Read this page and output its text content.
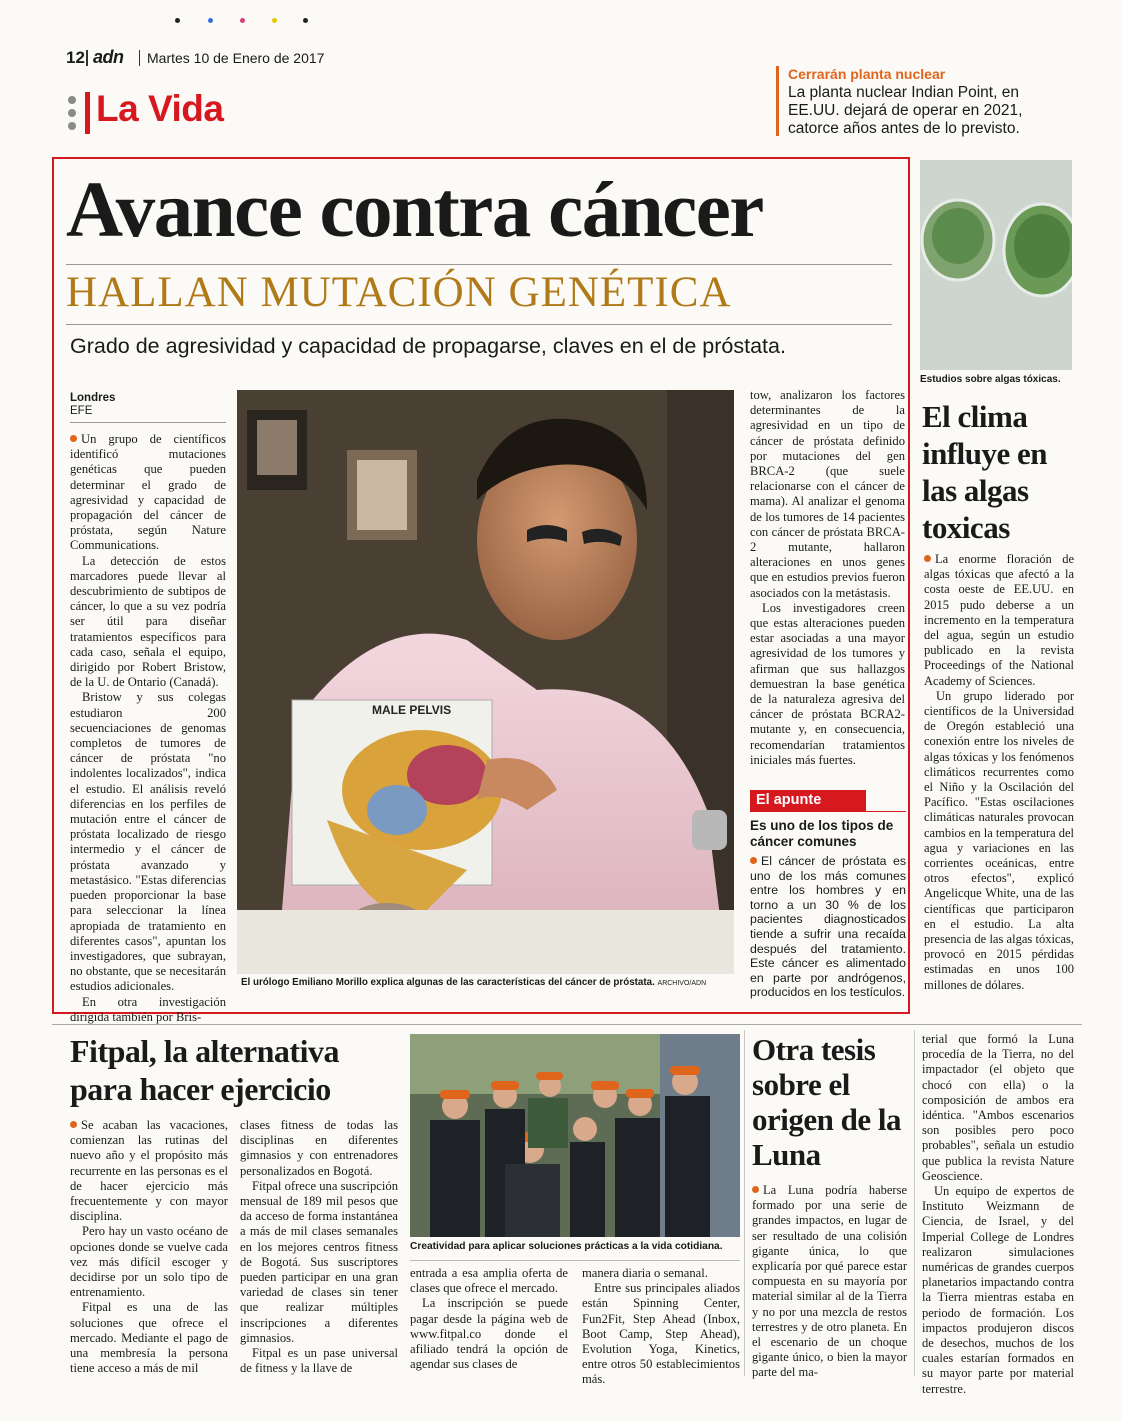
12 adn Martes 10 de Enero de 2017
La Vida
Cerrarán planta nuclear
La planta nuclear Indian Point, en EE.UU. dejará de operar en 2021, catorce años antes de lo previsto.
Avance contra cáncer
HALLAN MUTACIÓN GENÉTICA
Grado de agresividad y capacidad de propagarse, claves en el de próstata.
Londres
EFE

Un grupo de científicos identificó mutaciones genéticas que pueden determinar el grado de agresividad y capacidad de propagación del cáncer de próstata, según Nature Communications.

La detección de estos marcadores puede llevar al descubrimiento de subtipos de cáncer, lo que a su vez podría ser útil para diseñar tratamientos específicos para cada caso, señala el equipo, dirigido por Robert Bristow, de la U. de Ontario (Canadá).

Bristow y sus colegas estudiaron 200 secuenciaciones de genomas completos de tumores de cáncer de próstata "no indolentes localizados", indica el estudio. El análisis reveló diferencias en los perfiles de mutación entre el cáncer de próstata localizado de riesgo intermedio y el cáncer de próstata avanzado y metastásico. "Estas diferencias pueden proporcionar la base para seleccionar la línea apropiada de tratamiento en diferentes casos", apuntan los investigadores, que subrayan, no obstante, que se necesitarán estudios adicionales.

En otra investigación dirigida también por Bris-

MALE PELVIS
El urólogo Emiliano Morillo explica algunas de las características del cáncer de próstata. ARCHIVO/ADN

tow, analizaron los factores determinantes de la agresividad en un tipo de cáncer de próstata definido por mutaciones del gen BRCA-2 (que suele relacionarse con el cáncer de mama). Al analizar el genoma de los tumores de 14 pacientes con cáncer de próstata BRCA-2 mutante, hallaron alteraciones en unos genes que en estudios previos fueron asociados con la metástasis.

Los investigadores creen que estas alteraciones pueden estar asociadas a una mayor agresividad de los tumores y afirman que sus hallazgos demuestran la base genética de la naturaleza agresiva del cáncer de próstata BCRA2-mutante y, en consecuencia, recomendarían tratamientos iniciales más fuertes.

El apunte
Es uno de los tipos de cáncer comunes
El cáncer de próstata es uno de los más comunes entre los hombres y en torno a un 30 % de los pacientes diagnosticados tiende a sufrir una recaída después del tratamiento. Este cáncer es alimentado en parte por andrógenos, producidos en los testículos.
Estudios sobre algas tóxicas.
El clima influye en las algas toxicas

La enorme floración de algas tóxicas que afectó a la costa oeste de EE.UU. en 2015 pudo deberse a un incremento en la temperatura del agua, según un estudio publicado en la revista Proceedings of the National Academy of Sciences.

Un grupo liderado por científicos de la Universidad de Oregón estableció una conexión entre los niveles de algas tóxicas y los fenómenos climáticos recurrentes como el Niño y la Oscilación del Pacífico. "Estas oscilaciones climáticas naturales provocan cambios en la temperatura del agua y variaciones en las corrientes oceánicas, entre otros efectos", explicó Angelicque White, una de las científicas que participaron en el estudio. La alta presencia de las algas tóxicas, provocó en 2015 pérdidas estimadas en unos 100 millones de dólares.

Fitpal, la alternativa para hacer ejercicio

Se acaban las vacaciones, comienzan las rutinas del nuevo año y el propósito más recurrente en las personas es el de hacer ejercicio más frecuentemente y con mayor disciplina.

Pero hay un vasto océano de opciones donde se vuelve cada vez más difícil escoger y decidirse por un solo tipo de entrenamiento.

Fitpal es una de las soluciones que ofrece el mercado. Mediante el pago de una membresía la persona tiene acceso a más de mil

clases fitness de todas las disciplinas en diferentes gimnasios y con entrenadores personalizados en Bogotá.

Fitpal ofrece una suscripción mensual de 189 mil pesos que da acceso de forma instantánea a más de mil clases semanales en los mejores centros fitness de Bogotá. Sus suscriptores pueden participar en una gran variedad de clases sin tener que realizar múltiples inscripciones a diferentes gimnasios.

Fitpal es un pase universal de fitness y la llave de

Creatividad para aplicar soluciones prácticas a la vida cotidiana.

entrada a esa amplia oferta de clases que ofrece el mercado.

La inscripción se puede pagar desde la página web de www.fitpal.co donde el afiliado tendrá la opción de agendar sus clases de

manera diaria o semanal.

Entre sus principales aliados están Spinning Center, Fun2Fit, Step Ahead (Inbox, Boot Camp, Step Ahead), Evolution Yoga, Kinetics, entre otros 50 establecimientos más.

Otra tesis sobre el origen de la Luna

La Luna podría haberse formado por una serie de grandes impactos, en lugar de ser resultado de una colisión gigante única, lo que explicaría por qué parece estar compuesta en su mayoría por material similar al de la Tierra y no por una mezcla de restos terrestres y de otro planeta. En el escenario de un choque gigante único, o bien la mayor parte del ma-

terial que formó la Luna procedía de la Tierra, no del impactador (el objeto que chocó con ella) o la composición de ambos era idéntica. "Ambos escenarios son posibles pero poco probables", señala un estudio que publica la revista Nature Geoscience.

Un equipo de expertos de Instituto Weizmann de Ciencia, de Israel, y del Imperial College de Londres realizaron simulaciones numéricas de grandes cuerpos planetarios impactando contra la Tierra mientras estaba en periodo de formación. Los impactos produjeron discos de desechos, muchos de los cuales estarían formados en su mayor parte por material terrestre.
